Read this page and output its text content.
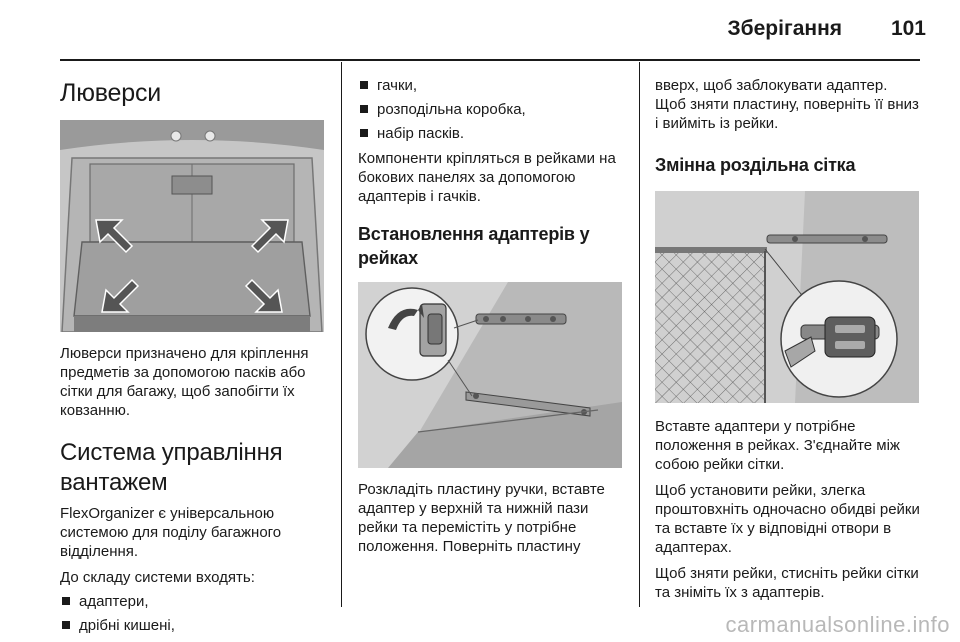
Зберігання 101
Люверси

Люверси призначено для кріплення предметів за допомогою пасків або сітки для багажу, щоб запобігти їх ковзанню.

Система управління вантажем

FlexOrganizer є універсальною системою для поділу багажного відділення.

До складу системи входять:

адаптери,
дрібні кишені,
гачки,
розподільна коробка,
набір пасків.

Компоненти кріпляться в рейками на бокових панелях за допомогою адаптерів і гачків.

Встановлення адаптерів у рейках

Розкладіть пластину ручки, вставте адаптер у верхній та нижній пази рейки та перемістіть у потрібне положення. Поверніть пластину

вверх, щоб заблокувати адаптер. Щоб зняти пластину, поверніть її вниз і вийміть із рейки.

Змінна роздільна сітка

Вставте адаптери у потрібне положення в рейках. З'єднайте між собою рейки сітки.

Щоб установити рейки, злегка проштовхніть одночасно обидві рейки та вставте їх у відповідні отвори в адаптерах.

Щоб зняти рейки, стисніть рейки сітки та зніміть їх з адаптерів.

carmanualsonline.info
